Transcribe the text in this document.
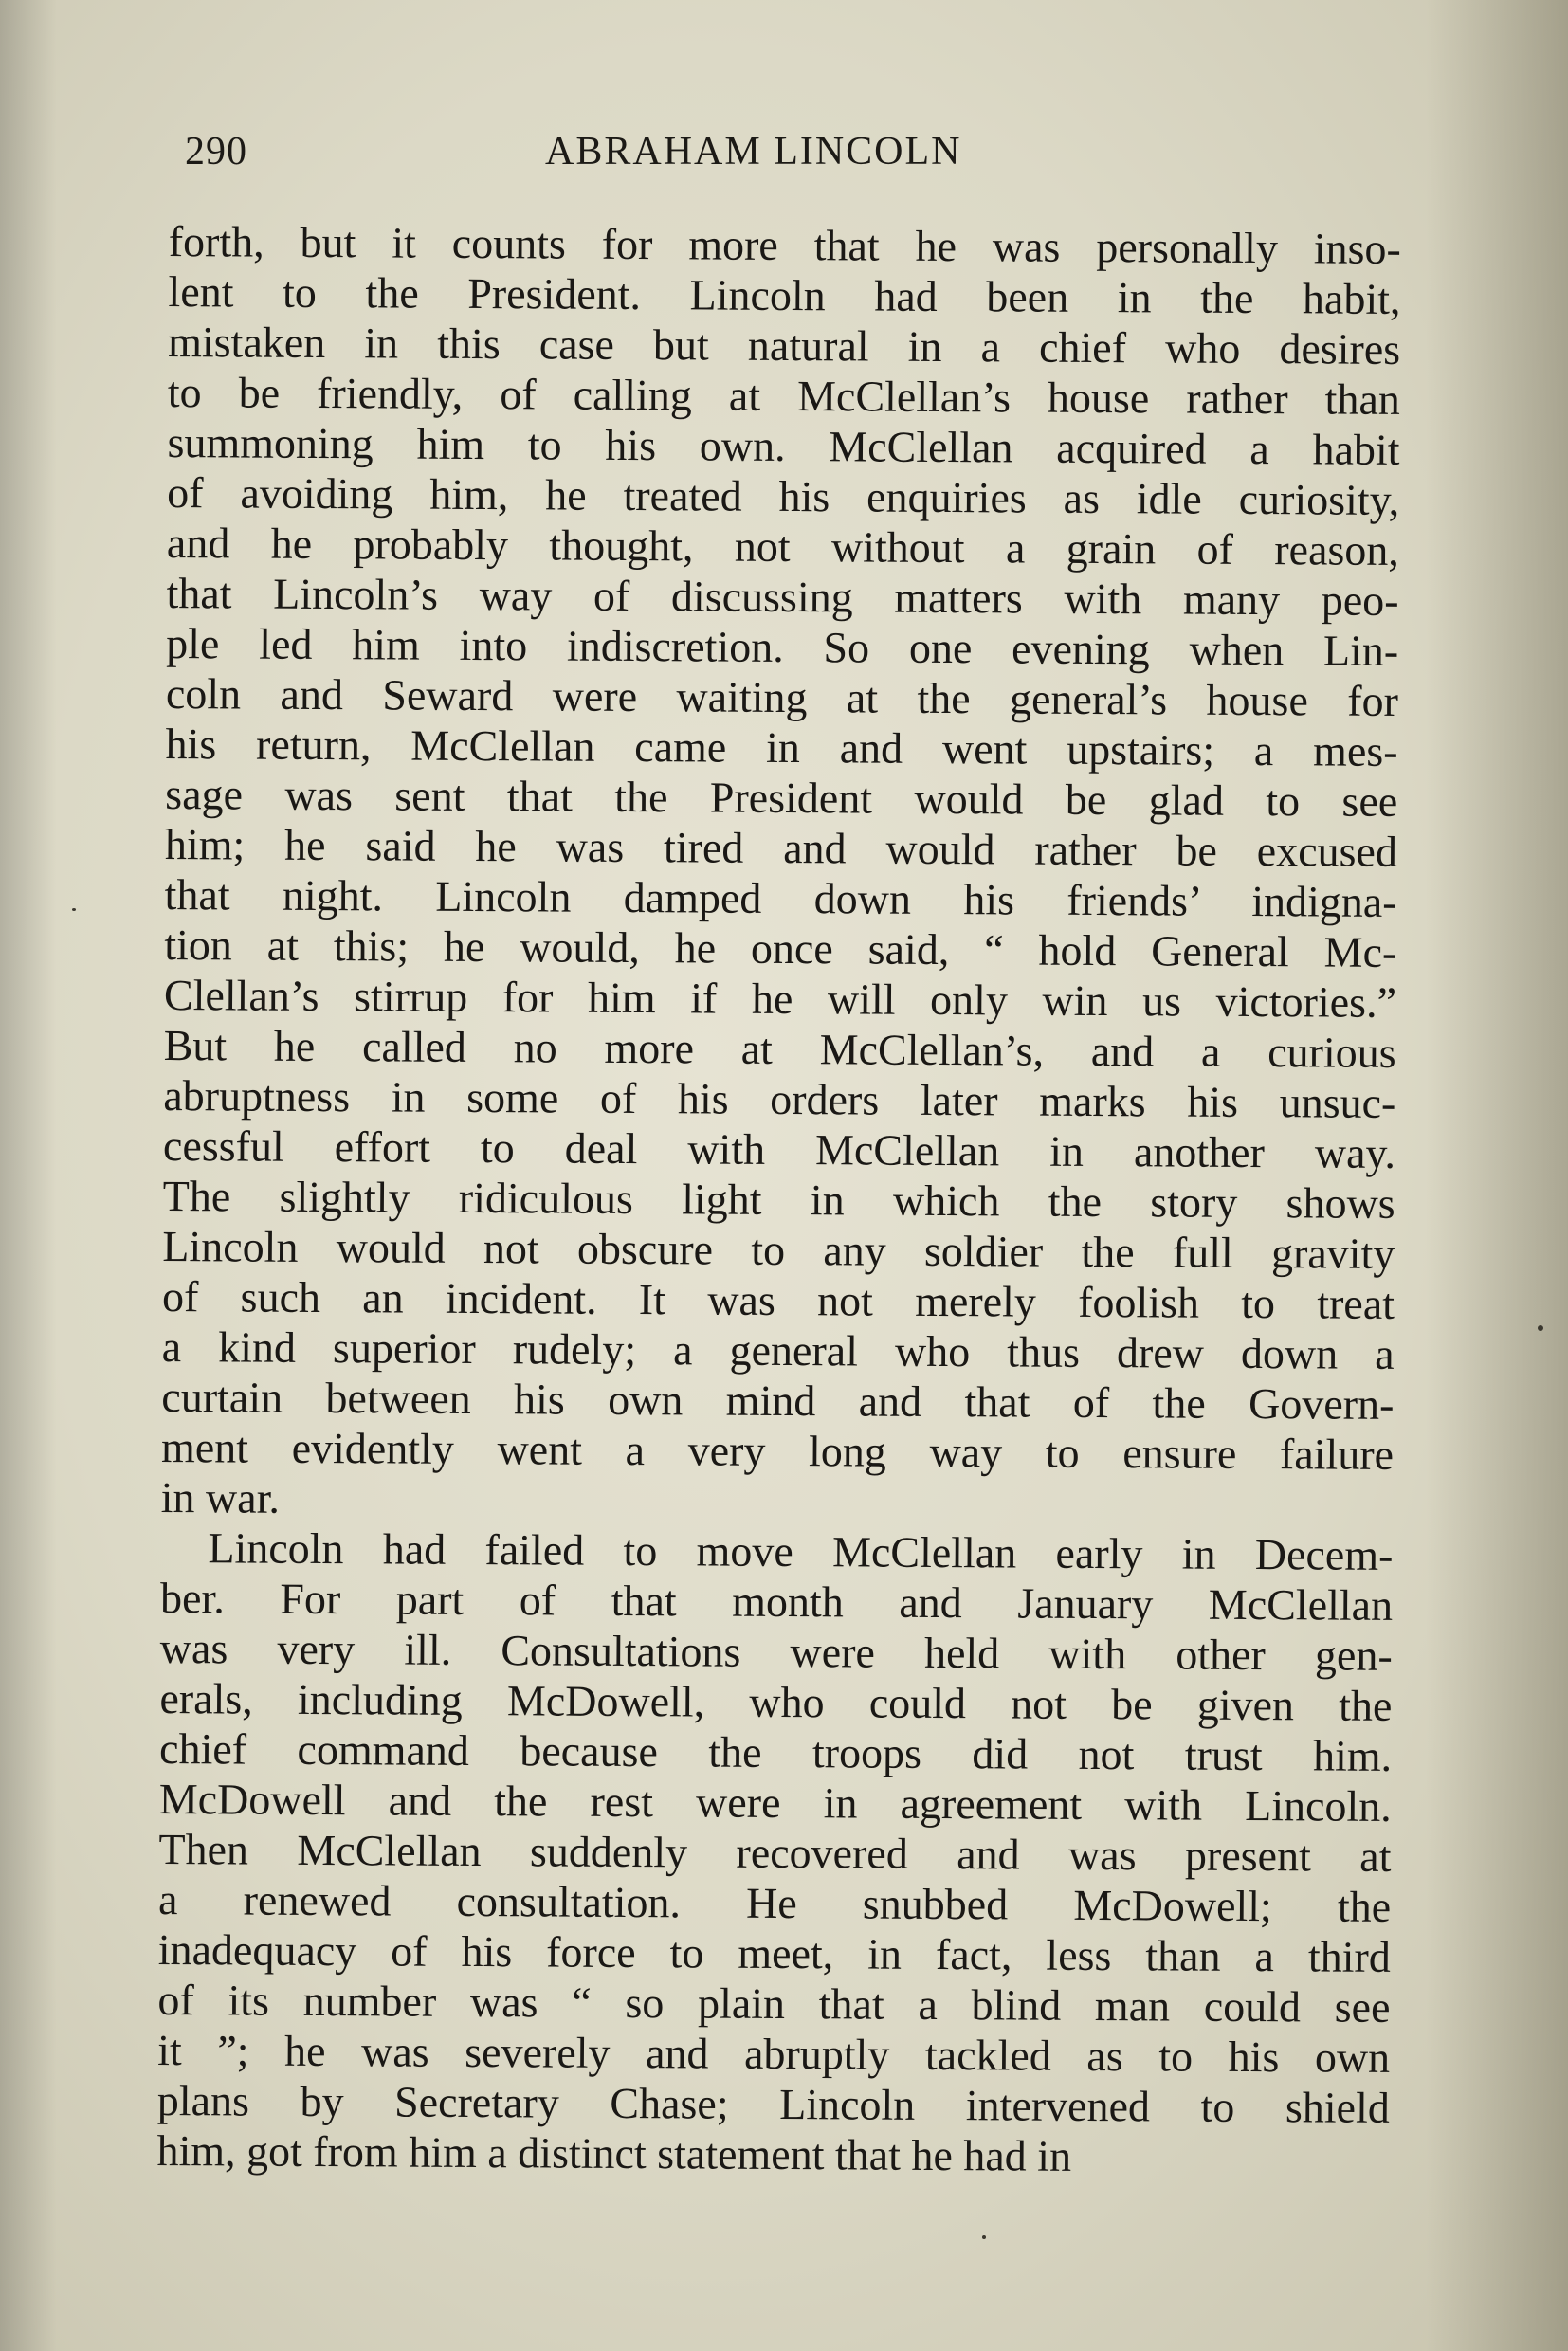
290	ABRAHAM LINCOLN
forth, but it counts for more that he was personally inso-
lent to the President. Lincoln had been in the habit,
mistaken in this case but natural in a chief who desires
to be friendly, of calling at McClellan’s house rather than
summoning him to his own. McClellan acquired a habit
of avoiding him, he treated his enquiries as idle curiosity,
and he probably thought, not without a grain of reason,
that Lincoln’s way of discussing matters with many peo-
ple led him into indiscretion. So one evening when Lin-
coln and Seward were waiting at the general’s house for
his return, McClellan came in and went upstairs; a mes-
sage was sent that the President would be glad to see
him; he said he was tired and would rather be excused
that night. Lincoln damped down his friends’ indigna-
tion at this; he would, he once said, “ hold General Mc-
Clellan’s stirrup for him if he will only win us victories.”
But he called no more at McClellan’s, and a curious
abruptness in some of his orders later marks his unsuc-
cessful effort to deal with McClellan in another way.
The slightly ridiculous light in which the story shows
Lincoln would not obscure to any soldier the full gravity
of such an incident. It was not merely foolish to treat
a kind superior rudely; a general who thus drew down a
curtain between his own mind and that of the Govern-
ment evidently went a very long way to ensure failure
in war.
Lincoln had failed to move McClellan early in Decem-
ber. For part of that month and January McClellan
was very ill. Consultations were held with other gen-
erals, including McDowell, who could not be given the
chief command because the troops did not trust him.
McDowell and the rest were in agreement with Lincoln.
Then McClellan suddenly recovered and was present at
a renewed consultation. He snubbed McDowell; the
inadequacy of his force to meet, in fact, less than a third
of its number was “ so plain that a blind man could see
it ”; he was severely and abruptly tackled as to his own
plans by Secretary Chase; Lincoln intervened to shield
him, got from him a distinct statement that he had in
